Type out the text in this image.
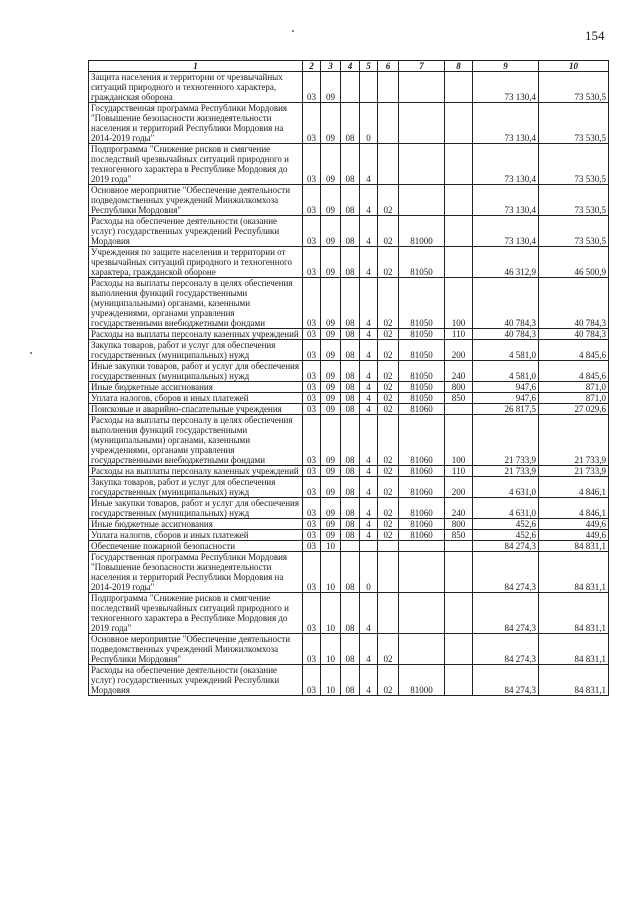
154
1	2	3	4	5	6	7	8	9	10
Защита населения и территории от чрезвычайных ситуаций природного и техногенного характера, гражданская оборона	03	09						73 130,4	73 530,5
Государственная программа Республики Мордовия "Повышение безопасности жизнедеятельности населения и территорий Республики Мордовия на 2014-2019 годы"	03	09	08	0				73 130,4	73 530,5
Подпрограмма "Снижение рисков и смягчение последствий чрезвычайных ситуаций природного и техногенного характера в Республике Мордовия до 2019 года"	03	09	08	4				73 130,4	73 530,5
Основное мероприятие "Обеспечение деятельности подведомственных учреждений Минжилкомхоза Республики Мордовия"	03	09	08	4	02			73 130,4	73 530,5
Расходы на обеспечение деятельности (оказание услуг) государственных учреждений Республики Мордовия	03	09	08	4	02	81000		73 130,4	73 530,5
Учреждения по защите населения и территории от чрезвычайных ситуаций природного и техногенного характера, гражданской обороне	03	09	08	4	02	81050		46 312,9	46 500,9
Расходы на выплаты персоналу в целях обеспечения выполнения функций государственными (муниципальными) органами, казенными учреждениями, органами управления государственными внебюджетными фондами	03	09	08	4	02	81050	100	40 784,3	40 784,3
Расходы на выплаты персоналу казенных учреждений	03	09	08	4	02	81050	110	40 784,3	40 784,3
Закупка товаров, работ и услуг для обеспечения государственных (муниципальных) нужд	03	09	08	4	02	81050	200	4 581,0	4 845,6
Иные закупки товаров, работ и услуг для обеспечения государственных (муниципальных) нужд	03	09	08	4	02	81050	240	4 581,0	4 845,6
Иные бюджетные ассигнования	03	09	08	4	02	81050	800	947,6	871,0
Уплата налогов, сборов и иных платежей	03	09	08	4	02	81050	850	947,6	871,0
Поисковые и аварийно-спасательные учреждения	03	09	08	4	02	81060		26 817,5	27 029,6
Расходы на выплаты персоналу в целях обеспечения выполнения функций государственными (муниципальными) органами, казенными учреждениями, органами управления государственными внебюджетными фондами	03	09	08	4	02	81060	100	21 733,9	21 733,9
Расходы на выплаты персоналу казенных учреждений	03	09	08	4	02	81060	110	21 733,9	21 733,9
Закупка товаров, работ и услуг для обеспечения государственных (муниципальных) нужд	03	09	08	4	02	81060	200	4 631,0	4 846,1
Иные закупки товаров, работ и услуг для обеспечения государственных (муниципальных) нужд	03	09	08	4	02	81060	240	4 631,0	4 846,1
Иные бюджетные ассигнования	03	09	08	4	02	81060	800	452,6	449,6
Уплата налогов, сборов и иных платежей	03	09	08	4	02	81060	850	452,6	449,6
Обеспечение пожарной безопасности	03	10						84 274,3	84 831,1
Государственная программа Республики Мордовия "Повышение безопасности жизнедеятельности населения и территорий Республики Мордовия на 2014-2019 годы"	03	10	08	0				84 274,3	84 831,1
Подпрограмма "Снижение рисков и смягчение последствий чрезвычайных ситуаций природного и техногенного характера в Республике Мордовия до 2019 года"	03	10	08	4				84 274,3	84 831,1
Основное мероприятие "Обеспечение деятельности подведомственных учреждений Минжилкомхоза Республики Мордовия"	03	10	08	4	02			84 274,3	84 831,1
Расходы на обеспечение деятельности (оказание услуг) государственных учреждений Республики Мордовия	03	10	08	4	02	81000		84 274,3	84 831,1
